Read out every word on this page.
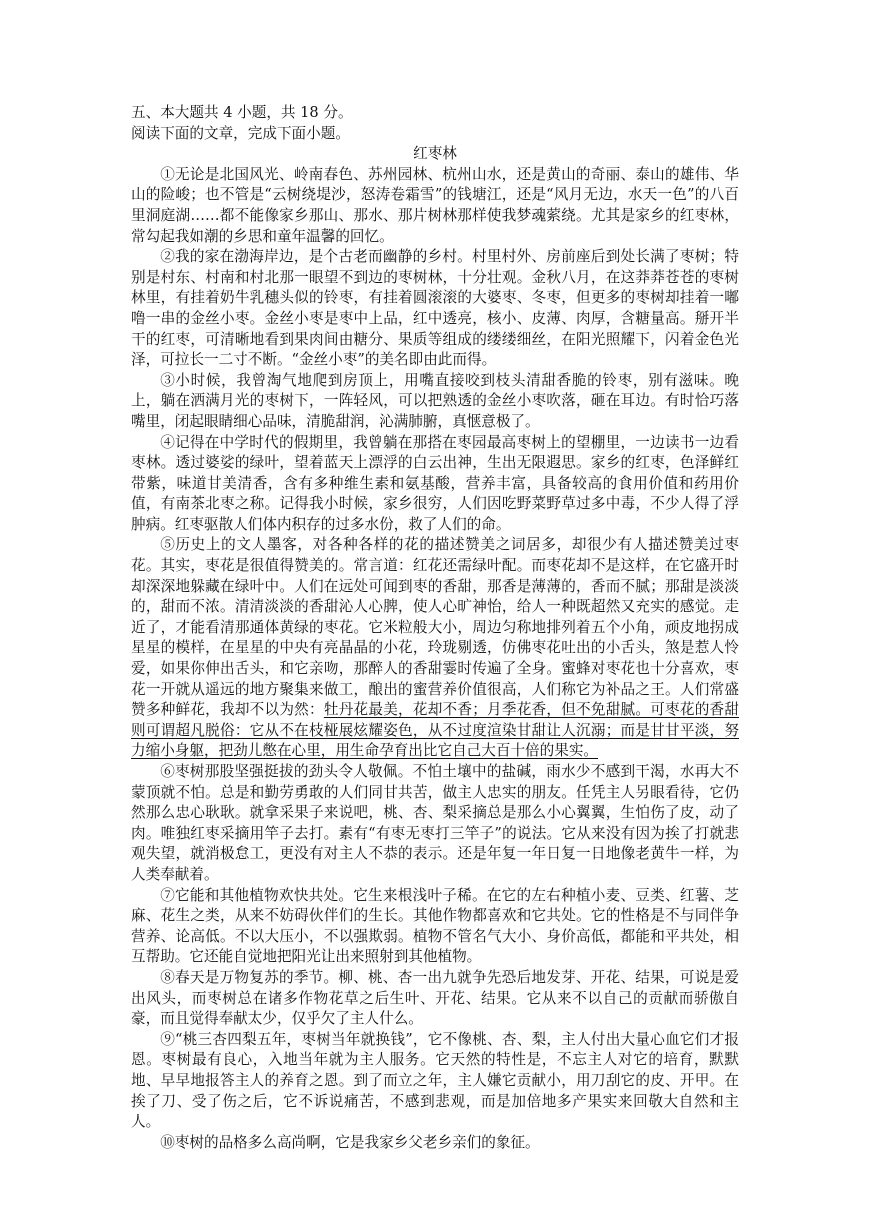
五、本大题共 4 小题，共 18 分。

阅读下面的文章，完成下面小题。

红枣林

①无论是北国风光、岭南春色、苏州园林、杭州山水，还是黄山的奇丽、泰山的雄伟、华山的险峻；也不管是“云树绕堤沙，怒涛卷霜雪”的钱塘江，还是“风月无边，水天一色”的八百里洞庭湖……都不能像家乡那山、那水、那片树林那样使我梦魂萦绕。尤其是家乡的红枣林，常勾起我如潮的乡思和童年温馨的回忆。

②我的家在渤海岸边，是个古老而幽静的乡村。村里村外、房前座后到处长满了枣树；特别是村东、村南和村北那一眼望不到边的枣树林，十分壮观。金秋八月，在这莽莽苍苍的枣树林里，有挂着奶牛乳穗头似的铃枣，有挂着圆滚滚的大婆枣、冬枣，但更多的枣树却挂着一嘟噜一串的金丝小枣。金丝小枣是枣中上品，红中透亮，核小、皮薄、肉厚，含糖量高。掰开半干的红枣，可清晰地看到果肉间由糖分、果质等组成的缕缕细丝，在阳光照耀下，闪着金色光泽，可拉长一二寸不断。“金丝小枣”的美名即由此而得。

③小时候，我曾淘气地爬到房顶上，用嘴直接咬到枝头清甜香脆的铃枣，别有滋味。晚上，躺在洒满月光的枣树下，一阵轻风，可以把熟透的金丝小枣吹落，砸在耳边。有时恰巧落嘴里，闭起眼睛细心品味，清脆甜润，沁满肺腑，真惬意极了。

④记得在中学时代的假期里，我曾躺在那搭在枣园最高枣树上的望棚里，一边读书一边看枣林。透过婆娑的绿叶，望着蓝天上漂浮的白云出神，生出无限遐思。家乡的红枣，色泽鲜红带紫，味道甘美清香，含有多种维生素和氨基酸，营养丰富，具备较高的食用价值和药用价值，有南茶北枣之称。记得我小时候，家乡很穷，人们因吃野菜野草过多中毒，不少人得了浮肿病。红枣驱散人们体内积存的过多水份，救了人们的命。

⑤历史上的文人墨客，对各种各样的花的描述赞美之词居多，却很少有人描述赞美过枣花。其实，枣花是很值得赞美的。常言道：红花还需绿叶配。而枣花却不是这样，在它盛开时却深深地躲藏在绿叶中。人们在远处可闻到枣的香甜，那香是薄薄的，香而不腻；那甜是淡淡的，甜而不浓。清清淡淡的香甜沁人心脾，使人心旷神怡，给人一种既超然又充实的感觉。走近了，才能看清那通体黄绿的枣花。它米粒般大小，周边匀称地排列着五个小角，顽皮地拐成星星的模样，在星星的中央有亮晶晶的小花，玲珑剔透，仿佛枣花吐出的小舌头，煞是惹人怜爱，如果你伸出舌头，和它亲吻，那醉人的香甜霎时传遍了全身。蜜蜂对枣花也十分喜欢，枣花一开就从遥远的地方聚集来做工，酿出的蜜营养价值很高，人们称它为补品之王。人们常盛赞多种鲜花，我却不以为然：牡丹花最美，花却不香；月季花香，但不免甜腻。可枣花的香甜则可谓超凡脱俗：它从不在枝桠展炫耀姿色，从不过度渲染甘甜让人沉溺；而是甘甘平淡，努力缩小身躯，把劲儿憋在心里，用生命孕育出比它自己大百十倍的果实。

⑥枣树那股坚强挺拔的劲头令人敬佩。不怕土壤中的盐碱，雨水少不感到干渴，水再大不蒙顶就不怕。总是和勤劳勇敢的人们同甘共苦，做主人忠实的朋友。任凭主人另眼看待，它仍然那么忠心耿耿。就拿采果子来说吧，桃、杏、梨采摘总是那么小心翼翼，生怕伤了皮，动了肉。唯独红枣采摘用竿子去打。素有“有枣无枣打三竿子”的说法。它从来没有因为挨了打就悲观失望，就消极怠工，更没有对主人不恭的表示。还是年复一年日复一日地像老黄牛一样，为人类奉献着。

⑦它能和其他植物欢快共处。它生来根浅叶子稀。在它的左右种植小麦、豆类、红薯、芝麻、花生之类，从来不妨碍伙伴们的生长。其他作物都喜欢和它共处。它的性格是不与同伴争营养、论高低。不以大压小，不以强欺弱。植物不管名气大小、身价高低，都能和平共处，相互帮助。它还能自觉地把阳光让出来照射到其他植物。

⑧春天是万物复苏的季节。柳、桃、杏一出九就争先恐后地发芽、开花、结果，可说是爱出风头，而枣树总在诸多作物花草之后生叶、开花、结果。它从来不以自己的贡献而骄傲自豪，而且觉得奉献太少，仅乎欠了主人什么。

⑨“桃三杏四梨五年，枣树当年就换钱”，它不像桃、杏、梨，主人付出大量心血它们才报恩。枣树最有良心，入地当年就为主人服务。它天然的特性是，不忘主人对它的培育，默默地、早早地报答主人的养育之恩。到了而立之年，主人嫌它贡献小，用刀刮它的皮、开甲。在挨了刀、受了伤之后，它不诉说痛苦，不感到悲观，而是加倍地多产果实来回敬大自然和主人。

⑩枣树的品格多么高尚啊，它是我家乡父老乡亲们的象征。
